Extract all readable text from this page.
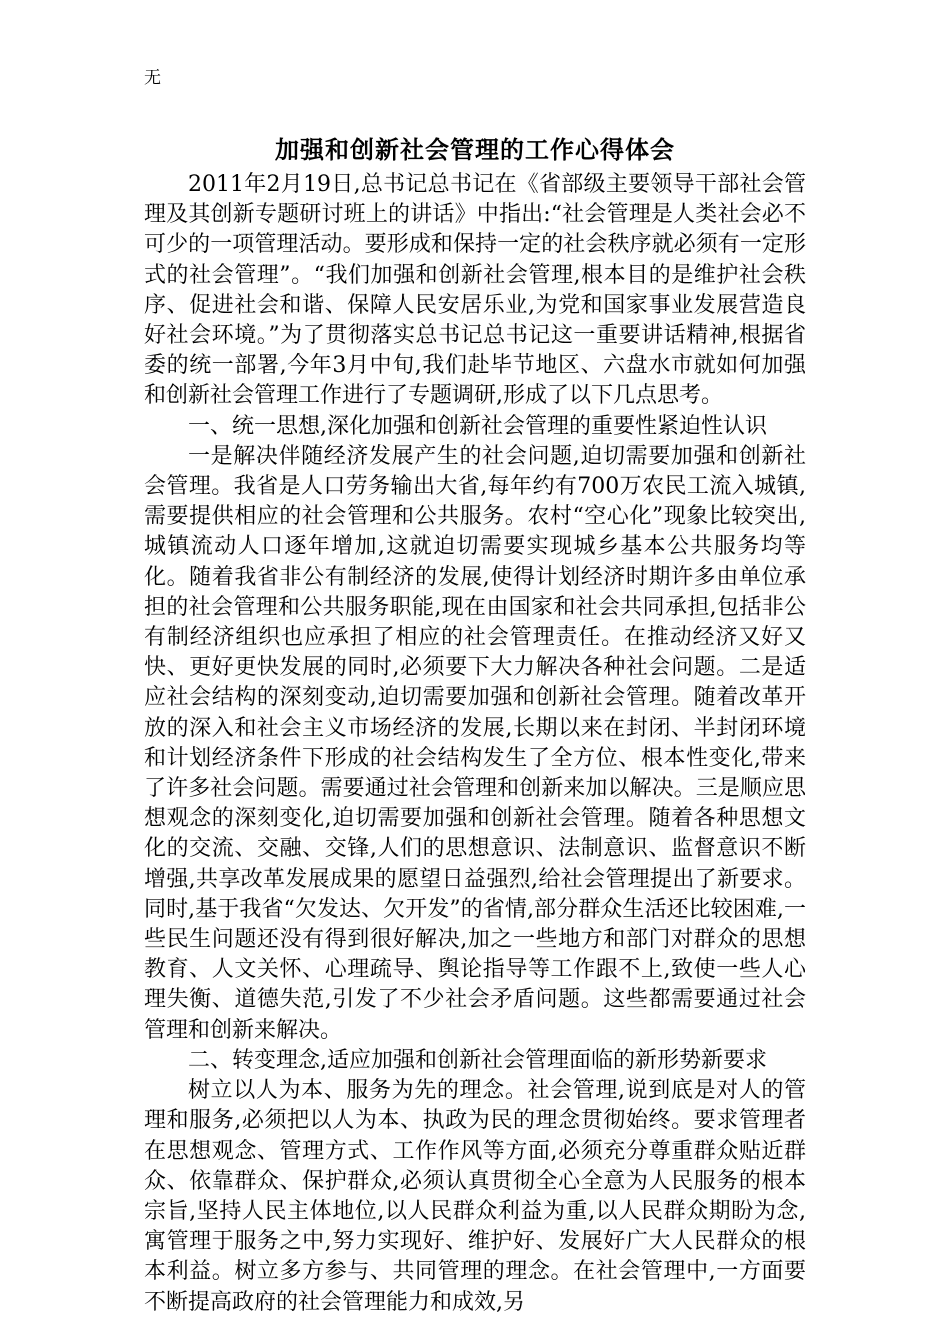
无
加强和创新社会管理的工作心得体会

2011年2月19日,总书记总书记在《省部级主要领导干部社会管理及其创新专题研讨班上的讲话》中指出:“社会管理是人类社会必不可少的一项管理活动。要形成和保持一定的社会秩序就必须有一定形式的社会管理”。“我们加强和创新社会管理,根本目的是维护社会秩序、促进社会和谐、保障人民安居乐业,为党和国家事业发展营造良好社会环境。”为了贯彻落实总书记总书记这一重要讲话精神,根据省委的统一部署,今年3月中旬,我们赴毕节地区、六盘水市就如何加强和创新社会管理工作进行了专题调研,形成了以下几点思考。

一、统一思想,深化加强和创新社会管理的重要性紧迫性认识

一是解决伴随经济发展产生的社会问题,迫切需要加强和创新社会管理。我省是人口劳务输出大省,每年约有700万农民工流入城镇,需要提供相应的社会管理和公共服务。农村“空心化”现象比较突出,城镇流动人口逐年增加,这就迫切需要实现城乡基本公共服务均等化。随着我省非公有制经济的发展,使得计划经济时期许多由单位承担的社会管理和公共服务职能,现在由国家和社会共同承担,包括非公有制经济组织也应承担了相应的社会管理责任。在推动经济又好又快、更好更快发展的同时,必须要下大力解决各种社会问题。二是适应社会结构的深刻变动,迫切需要加强和创新社会管理。随着改革开放的深入和社会主义市场经济的发展,长期以来在封闭、半封闭环境和计划经济条件下形成的社会结构发生了全方位、根本性变化,带来了许多社会问题。需要通过社会管理和创新来加以解决。三是顺应思想观念的深刻变化,迫切需要加强和创新社会管理。随着各种思想文化的交流、交融、交锋,人们的思想意识、法制意识、监督意识不断增强,共享改革发展成果的愿望日益强烈,给社会管理提出了新要求。同时,基于我省“欠发达、欠开发”的省情,部分群众生活还比较困难,一些民生问题还没有得到很好解决,加之一些地方和部门对群众的思想教育、人文关怀、心理疏导、舆论指导等工作跟不上,致使一些人心理失衡、道德失范,引发了不少社会矛盾问题。这些都需要通过社会管理和创新来解决。

二、转变理念,适应加强和创新社会管理面临的新形势新要求

树立以人为本、服务为先的理念。社会管理,说到底是对人的管理和服务,必须把以人为本、执政为民的理念贯彻始终。要求管理者在思想观念、管理方式、工作作风等方面,必须充分尊重群众贴近群众、依靠群众、保护群众,必须认真贯彻全心全意为人民服务的根本宗旨,坚持人民主体地位,以人民群众利益为重,以人民群众期盼为念,寓管理于服务之中,努力实现好、维护好、发展好广大人民群众的根本利益。树立多方参与、共同管理的理念。在社会管理中,一方面要不断提高政府的社会管理能力和成效,另
